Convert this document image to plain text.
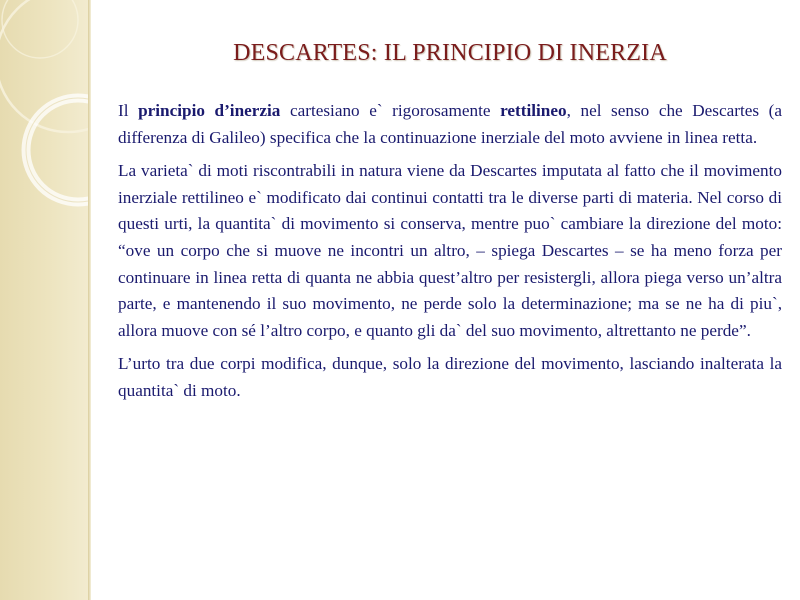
DESCARTES: IL PRINCIPIO DI INERZIA

Il principio d’inerzia cartesiano e` rigorosamente rettilineo, nel senso che Descartes (a differenza di Galileo) specifica che la continuazione inerziale del moto avviene in linea retta.

La varieta` di moti riscontrabili in natura viene da Descartes imputata al fatto che il movimento inerziale rettilineo e` modificato dai continui contatti tra le diverse parti di materia. Nel corso di questi urti, la quantita` di movimento si conserva, mentre puo` cambiare la direzione del moto: “ove un corpo che si muove ne incontri un altro, – spiega Descartes – se ha meno forza per continuare in linea retta di quanta ne abbia quest’altro per resistergli, allora piega verso un’altra parte, e mantenendo il suo movimento, ne perde solo la determinazione; ma se ne ha di piu`, allora muove con sé l’altro corpo, e quanto gli da` del suo movimento, altrettanto ne perde”.

L’urto tra due corpi modifica, dunque, solo la direzione del movimento, lasciando inalterata la quantita` di moto.
